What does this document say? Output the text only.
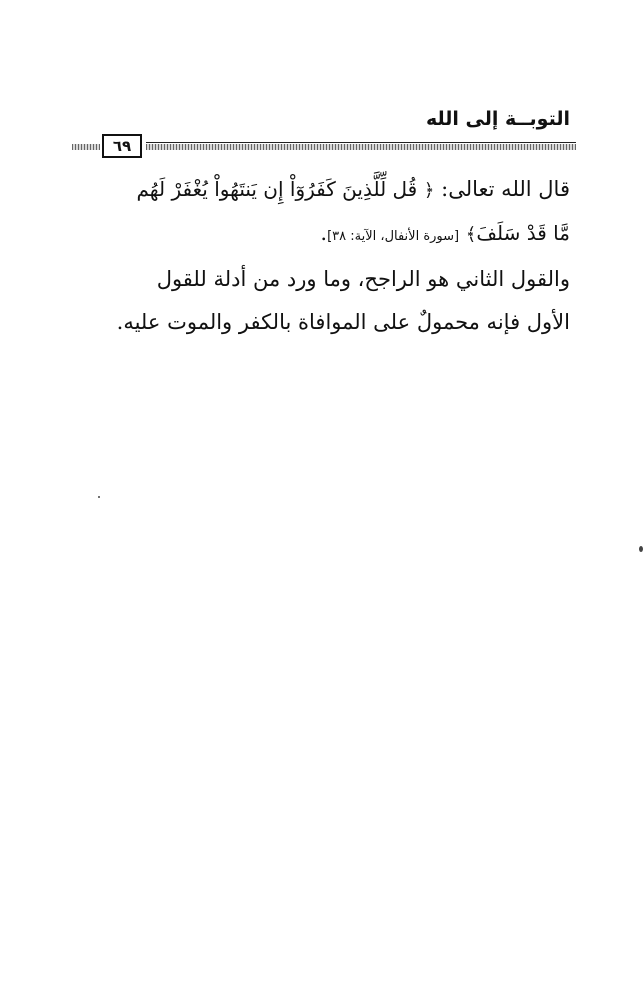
التوبــة إلى الله
٦٩
قال الله تعالى: ﴿ قُل لِّلَّذِينَ كَفَرُوٓاْ إِن يَنتَهُواْ يُغْفَرْ لَهُم
مَّا قَدْ سَلَفَ﴾ [سورة الأنفال، الآية: ٣٨].
والقول الثاني هو الراجح، وما ورد من أدلة للقول
الأول فإنه محمولٌ على الموافاة بالكفر والموت عليه.
